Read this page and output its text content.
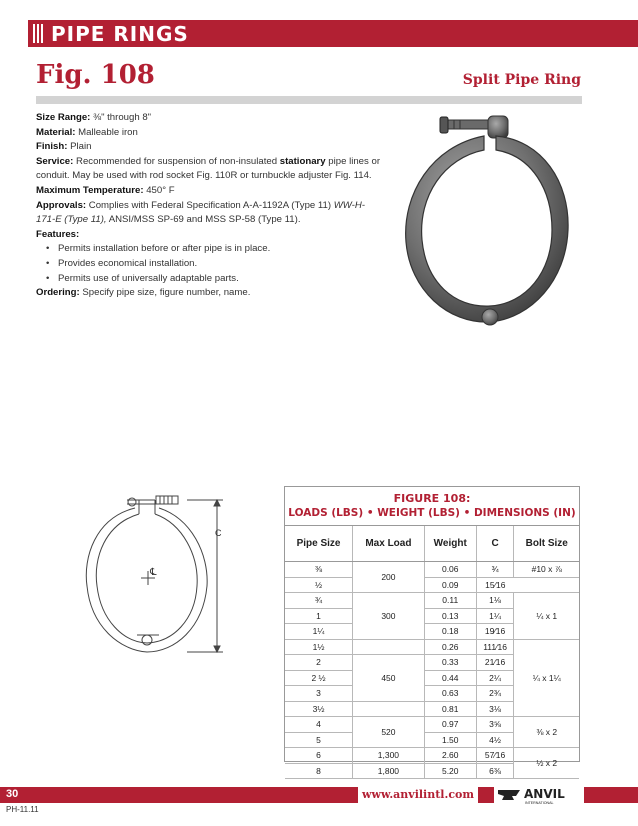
PIPE RINGS
Fig. 108	Split Pipe Ring
Size Range: ⅜" through 8"
Material: Malleable iron
Finish: Plain
Service: Recommended for suspension of non-insulated stationary pipe lines or conduit. May be used with rod socket Fig. 110R or turnbuckle adjuster Fig. 114.
Maximum Temperature: 450° F
Approvals: Complies with Federal Specification A-A-1192A (Type 11) WW-H-171-E (Type 11), ANSI/MSS SP-69 and MSS SP-58 (Type 11).
Features:
• Permits installation before or after pipe is in place.
• Provides economical installation.
• Permits use of universally adaptable parts.
Ordering: Specify pipe size, figure number, name.
C
℄
FIGURE 108:
LOADS (LBS) • WEIGHT (LBS) • DIMENSIONS (IN)
Pipe Size	Max Load	Weight	C	Bolt Size
⅜	200	0.06	¾	#10 x ⅞
½		0.09	15⁄16	
¾	300	0.11	1⅛	¼ x 1
1		0.13	1¼	
1¼		0.18	19⁄16	
1½		0.26	111⁄16	¼ x 1¼
2	450	0.33	21⁄16	
2 ½		0.44	2¼	
3		0.63	2¾	
3½		0.81	3⅛	
4	520	0.97	3⅝	⅜ x 2
5		1.50	4½	
6	1,300	2.60	57⁄16	½ x 2
8	1,800	5.20	6⅜	
30	www.anvilintl.com	ANVIL
INTERNATIONAL
PH-11.11
